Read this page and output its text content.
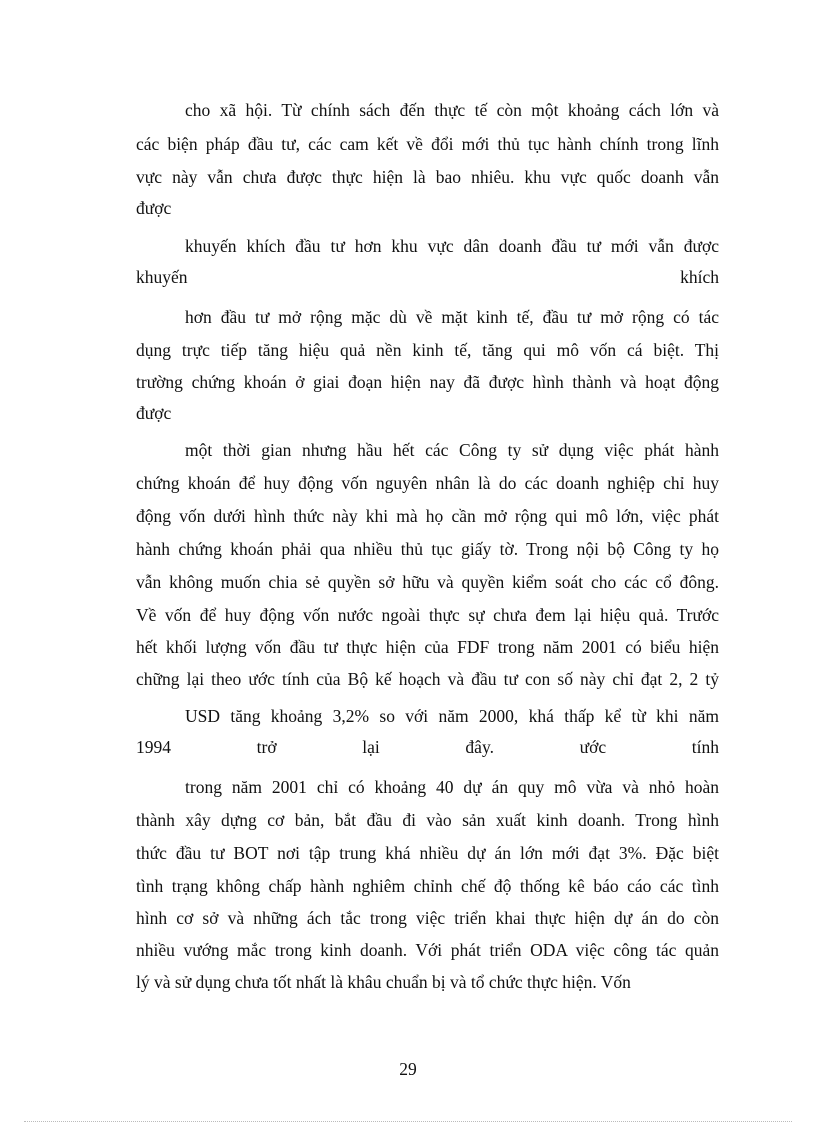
cho xã hội. Từ chính sách đến thực tế còn một khoảng cách lớn và
các biện pháp đầu tư, các cam kết về đổi mới thủ tục hành chính trong lĩnh
vực này vẫn chưa được thực hiện là bao nhiêu. khu vực quốc doanh vẫn
được
khuyến khích đầu tư hơn khu vực dân doanh đầu tư mới vẫn được
khuyến khích
hơn đầu tư mở rộng mặc dù về mặt kinh tế, đầu tư mở rộng có tác
dụng trực tiếp tăng hiệu quả nền kinh tế, tăng qui mô vốn cá biệt. Thị
trường chứng khoán ở giai đoạn hiện nay đã được hình thành và hoạt động
được
một thời gian nhưng hầu hết các Công ty sử dụng việc phát hành
chứng khoán để huy động vốn nguyên nhân là do các doanh nghiệp chỉ huy
động vốn dưới hình thức này khi mà họ cần mở rộng qui mô lớn, việc phát
hành chứng khoán phải qua nhiều thủ tục giấy tờ. Trong nội bộ Công ty họ
vẫn không muốn chia sẻ quyền sở hữu và quyền kiểm soát cho các cổ đông.
Về vốn để huy động vốn nước ngoài thực sự chưa đem lại hiệu quả. Trước
hết khối lượng vốn đầu tư thực hiện của FDF trong năm 2001 có biểu hiện
chững lại theo ước tính của Bộ kế hoạch và đầu tư con số này chỉ đạt 2, 2 tỷ
USD tăng khoảng 3,2% so với năm 2000, khá thấp kể từ khi năm
1994 trở lại đây. ước tính
trong năm 2001 chỉ có khoảng 40 dự án quy mô vừa và nhỏ hoàn
thành xây dựng cơ bản, bắt đầu đi vào sản xuất kinh doanh. Trong hình
thức đầu tư BOT nơi tập trung khá nhiều dự án lớn mới đạt 3%. Đặc biệt
tình trạng không chấp hành nghiêm chỉnh chế độ thống kê báo cáo các tình
hình cơ sở và những ách tắc trong việc triển khai thực hiện dự án do còn
nhiều vướng mắc trong kinh doanh. Với phát triển ODA việc công tác quản
lý và sử dụng chưa tốt nhất là khâu chuẩn bị và tổ chức thực hiện. Vốn
29
